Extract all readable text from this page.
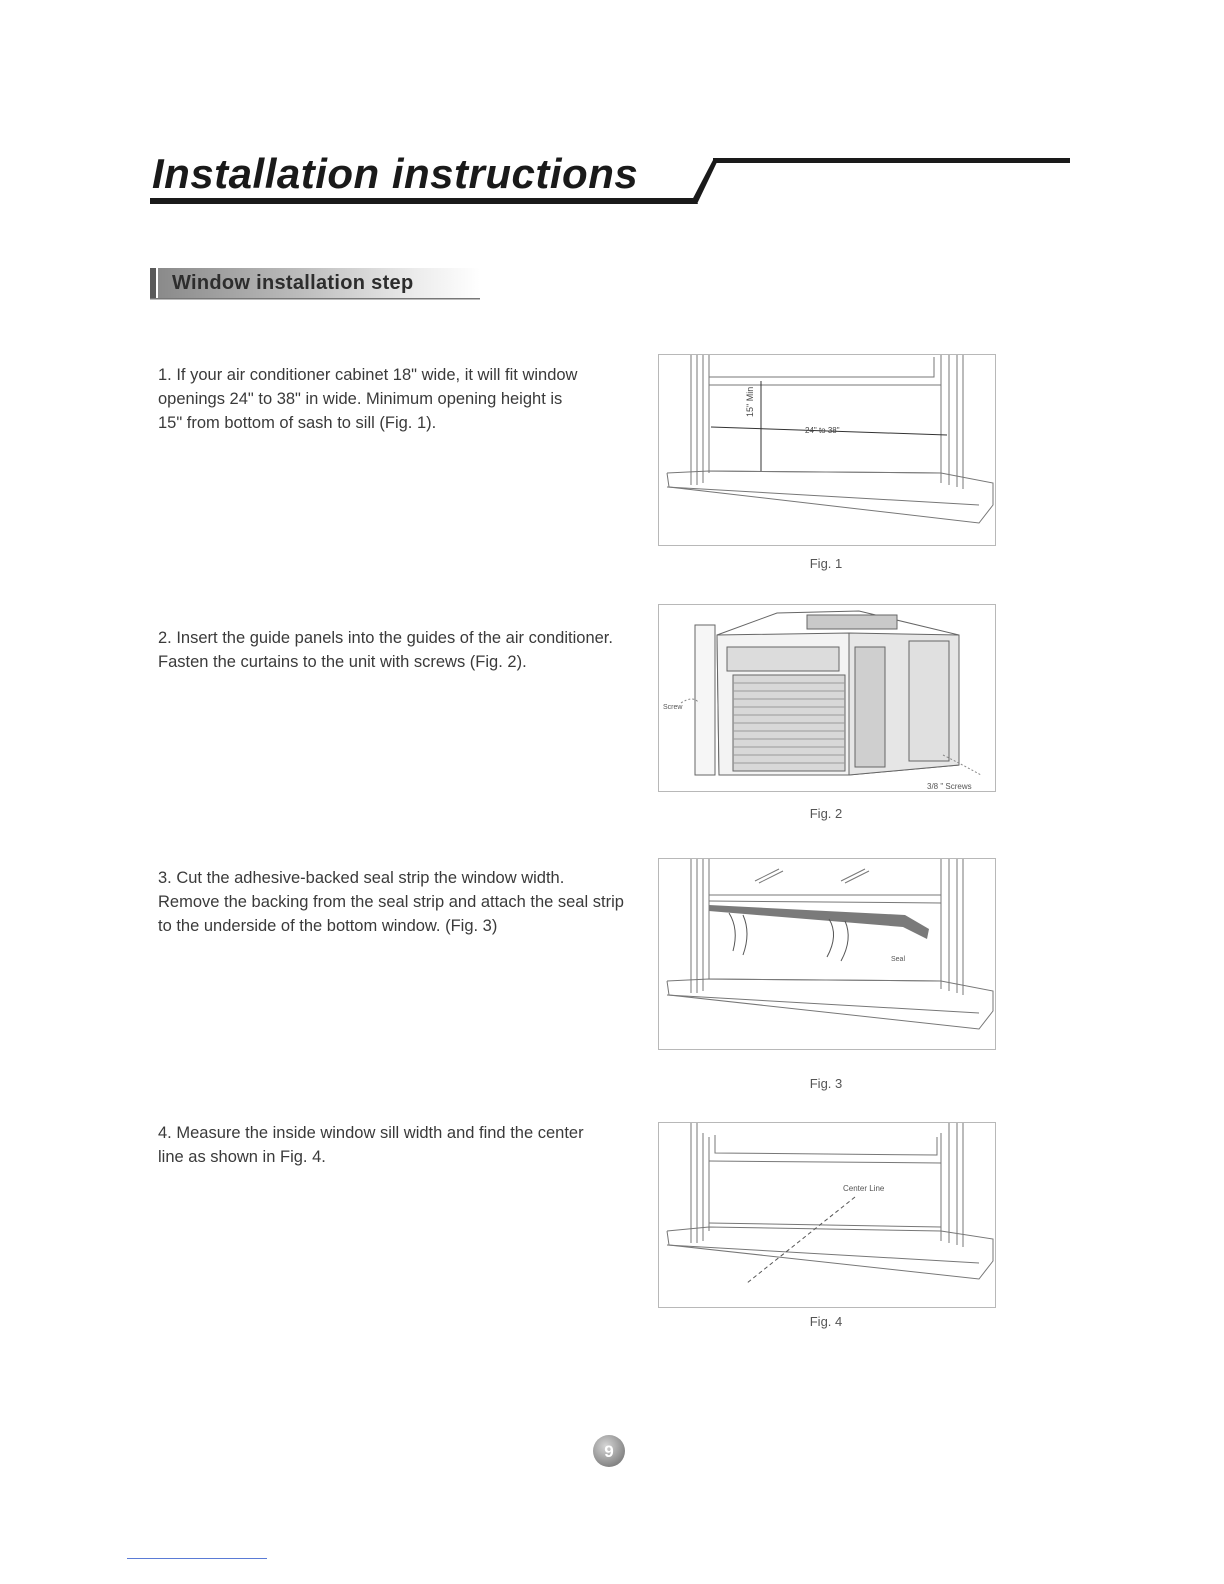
Installation instructions
Window installation step

1. If your air conditioner cabinet 18" wide, it will fit window openings 24" to 38" in wide. Minimum opening height is 15" from bottom of sash to sill (Fig. 1).

2. Insert the guide panels into the guides of the air conditioner. Fasten the curtains to the unit with screws (Fig. 2).

3. Cut the adhesive-backed seal strip the window width. Remove the backing from the seal strip and attach the seal strip to the underside of the bottom window. (Fig. 3)

4. Measure the inside window sill width and find the center line as shown in Fig. 4.

15" Min
24" to 38"
Fig. 1
Screw
3/8 " Screws
Fig. 2
Seal
Fig. 3
Center Line
Fig. 4
9
